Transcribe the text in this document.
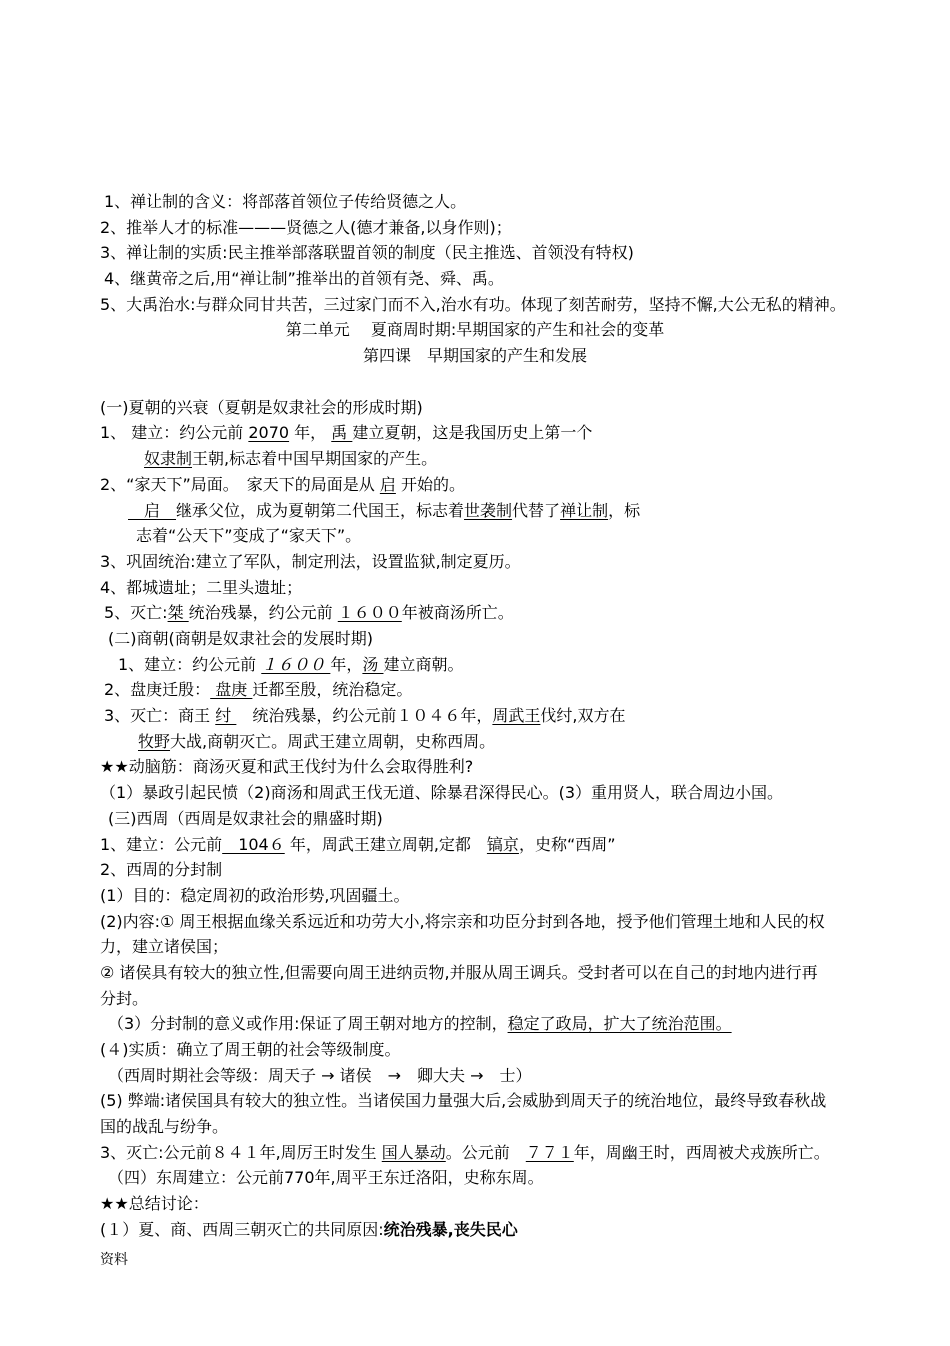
1、禅让制的含义：将部落首领位子传给贤德之人。
2、推举人才的标准———贤德之人(德才兼备,以身作则)；
3、禅让制的实质:民主推举部落联盟首领的制度（民主推选、首领没有特权)
4、继黄帝之后,用“禅让制”推举出的首领有尧、舜、禹。
5、大禹治水:与群众同甘共苦，三过家门而不入,治水有功。体现了刻苦耐劳，坚持不懈,大公无私的精神。
第二单元　 夏商周时期:早期国家的产生和社会的变革
第四课　早期国家的产生和发展
(一)夏朝的兴衰（夏朝是奴隶社会的形成时期)
1、 建立：约公元前 2070 年， 禹 建立夏朝，这是我国历史上第一个
奴隶制王朝,标志着中国早期国家的产生。
2、“家天下”局面。　家天下的局面是从 启 开始的。
　启　继承父位，成为夏朝第二代国王，标志着世袭制代替了禅让制，标
志着“公天下”变成了“家天下”。
3、巩固统治:建立了军队，制定刑法，设置监狱,制定夏历。
4、都城遗址；二里头遗址；
5、灭亡:桀 统治残暴，约公元前 １６００年被商汤所亡。
(二)商朝(商朝是奴隶社会的发展时期)
1、建立：约公元前 １６００ 年，汤 建立商朝。
2、盘庚迁殷： 盘庚 迁都至殷，统治稳定。
3、灭亡：商王 纣 　统治残暴，约公元前１０４６年，周武王伐纣,双方在
牧野大战,商朝灭亡。周武王建立周朝，史称西周。
★★动脑筋：商汤灭夏和武王伐纣为什么会取得胜利?
（1）暴政引起民愤（2)商汤和周武王伐无道、除暴君深得民心。(3）重用贤人，联合周边小国。
(三)西周（西周是奴隶社会的鼎盛时期)
1、建立：公元前　104６ 年，周武王建立周朝,定都　镐京，史称“西周”
2、西周的分封制
(1）目的：稳定周初的政治形势,巩固疆土。
(2)内容:① 周王根据血缘关系远近和功劳大小,将宗亲和功臣分封到各地，授予他们管理土地和人民的权
力，建立诸侯国；
② 诸侯具有较大的独立性,但需要向周王进纳贡物,并服从周王调兵。受封者可以在自己的封地内进行再
分封。
（3）分封制的意义或作用:保证了周王朝对地方的控制，稳定了政局，扩大了统治范围。
(４)实质：确立了周王朝的社会等级制度。
（西周时期社会等级：周天子 → 诸侯　→　卿大夫 →　士）
(5) 弊端:诸侯国具有较大的独立性。当诸侯国力量强大后,会威胁到周天子的统治地位，最终导致春秋战
国的战乱与纷争。
3、灭亡:公元前８４１年,周厉王时发生 国人暴动。公元前　７７１年，周幽王时，西周被犬戎族所亡。
（四）东周建立：公元前770年,周平王东迁洛阳，史称东周。
★★总结讨论：
(１）夏、商、西周三朝灭亡的共同原因:统治残暴,丧失民心
资料
